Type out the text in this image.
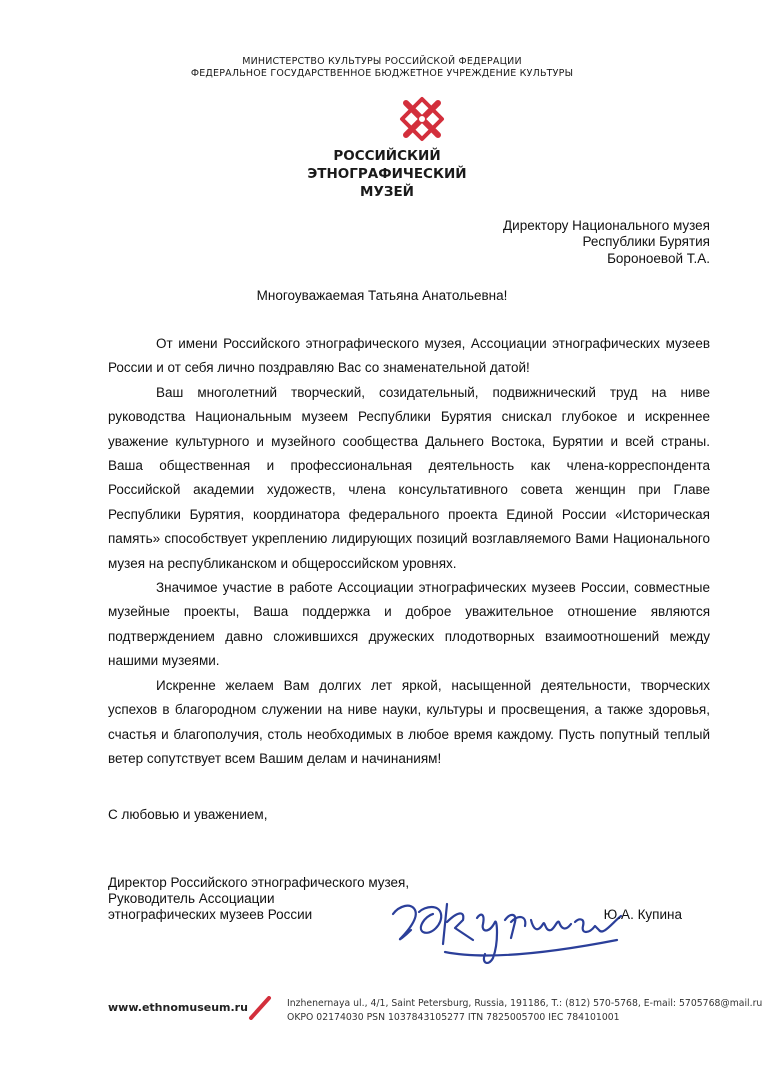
МИНИСТЕРСТВО КУЛЬТУРЫ РОССИЙСКОЙ ФЕДЕРАЦИИ
ФЕДЕРАЛЬНОЕ ГОСУДАРСТВЕННОЕ БЮДЖЕТНОЕ УЧРЕЖДЕНИЕ КУЛЬТУРЫ
РОССИЙСКИЙ
ЭТНОГРАФИЧЕСКИЙ
МУЗЕЙ
Директору Национального музея
Республики Бурятия
Бороноевой Т.А.
Многоуважаемая Татьяна Анатольевна!

От имени Российского этнографического музея, Ассоциации этнографических музеев России и от себя лично поздравляю Вас со знаменательной датой!

Ваш многолетний творческий, созидательный, подвижнический труд на ниве руководства Национальным музеем Республики Бурятия снискал глубокое и искреннее уважение культурного и музейного сообщества Дальнего Востока, Бурятии и всей страны. Ваша общественная и профессиональная деятельность как члена-корреспондента Российской академии художеств, члена консультативного совета женщин при Главе Республики Бурятия, координатора федерального проекта Единой России «Историческая память» способствует укреплению лидирующих позиций возглавляемого Вами Национального музея на республиканском и общероссийском уровнях.

Значимое участие в работе Ассоциации этнографических музеев России, совместные музейные проекты, Ваша поддержка и доброе уважительное отношение являются подтверждением давно сложившихся дружеских плодотворных взаимоотношений между нашими музеями.

Искренне желаем Вам долгих лет яркой, насыщенной деятельности, творческих успехов в благородном служении на ниве науки, культуры и просвещения, а также здоровья, счастья и благополучия, столь необходимых в любое время каждому. Пусть попутный теплый ветер сопутствует всем Вашим делам и начинаниям!

С любовью и уважением,
Директор Российского этнографического музея,
Руководитель Ассоциации
этнографических музеев России	Ю.А. Купина
www.ethnomuseum.ru	Inzhenernaya ul., 4/1, Saint Petersburg, Russia, 191186, T.: (812) 570-5768, E-mail: 5705768@mail.ru
OKPO 02174030 PSN 1037843105277 ITN 7825005700 IEC 784101001
